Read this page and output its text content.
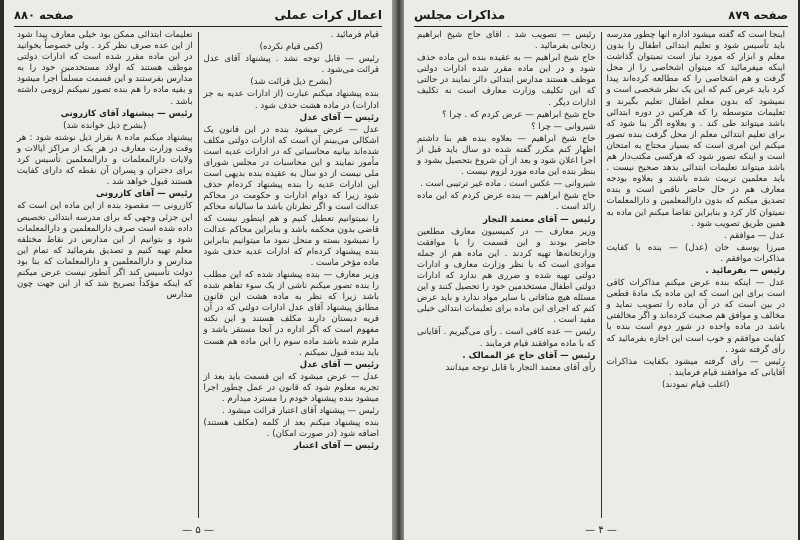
اعمال کرات عملی
صفحه ۸۸۰

قیام فرمائید .

(کمی قیام نکرده)

رئیس — قابل توجه نشد . پیشنهاد آقای عدل قرائت می‌شود .

(بشرح ذیل قرائت شد)

بنده پیشنهاد میکنم عبارت (از ادارات عدیه به جز ادارات) در ماده هشت حذف شود .

رئیس — آقای عدل

عدل — عرض میشود بنده در این قانون یک اشکالی می‌بینم آن است که ادارات دولتی مکلف شده‌اند بیانیه محاسباتی که در ادارات عدیه است مأمور نمایند و این محاسبات در مجلس شورای ملی نیست از دو سال به عقیده بنده بدیهی است این ادارات عدیه را بنده پیشنهاد کرده‌ام حذف شود زیرا که دوام ادارات و حکومت در محاکم عدالت است و اگر نظرتان باشد ما سالیانه محاکم را نمیتوانیم تعطیل کنیم و هم اینطور نیست که قاضی بدون محکمه باشد و بنابراین محاکم عدالت را نمیشود بسته و منحل نمود ما میتوانیم بنابراین بنده پیشنهاد کرده‌ام که ادارات عدیه حذف شود ماده مؤخر ماست .

وزیر معارف — بنده پیشنهاد شده که این مطلب را بنده تصور میکنم ناشی از یک سوء تفاهم شده باشد زیرا که نظر به ماده هشت این قانون مطابق پیشنهاد آقای عدل ادارات دولتی که در آن قریه دبستان دارند مکلف هستند و این نکته مفهوم است که اگر اداره در آنجا مستقر باشد و ملزم شده باشد ماده سوم را این ماده هم هست باید بنده قبول نمیکنم .

رئیس — آقای عدل

عدل — عرض میشود که این قسمت باید بعد از تجربه معلوم شود که قانون در عمل چطور اجرا میشود بنده پیشنهاد خودم را مسترد میدارم .

رئیس — پیشنهاد آقای اعتبار قرائت میشود .

بنده پیشنهاد میکنم بعد از کلمه (مکلف هستند) اضافه شود (در صورت امکان) .

رئیس — آقای اعتبار

تعلیمات ابتدائی ممکن بود خیلی معارف پیدا شود از این عده صرف نظر کرد . ولی خصوصاً بخوانید در این ماده مقرر شده است که ادارات دولتی موظف هستند که اولاد مستخدمین خود را به مدارس بفرستند و این قسمت مسلماً اجرا میشود و بقیه ماده را هم بنده تصور نمیکنم لزومی داشته باشد .

رئیس — پیشنهاد آقای کازرونی

(بشرح ذیل خوانده شد)

پیشنهاد میکنم ماده ۸ بقرار ذیل نوشته شود : هر وقت وزارت معارف در هر یک از مراکز ایالات و ولایات دارالمعلمات و دارالمعلمین تأسیس کرد برای دختران و پسران آن نقطه که دارای کفایت هستند قبول خواهد شد .

رئیس — آقای کازرونی

کازرونی — مقصود بنده از این ماده این است که این جزئی وجهی که برای مدرسه ابتدائی تخصیص داده شده است صرف دارالمعلمین و دارالمعلمات شود و بتوانیم از این مدارس در نقاط مختلفه معلم تهیه کنیم و تصدیق بفرمائید که تمام این مدارس و دارالمعلمین و دارالمعلمات که بنا بود دولت تأسیس کند اگر آنطور نیست عرض میکنم که اینکه مؤکداً تصریح شد که از این جهت چون مدارس

— ۵ —
صفحه ۸۷۹
مذاکرات مجلس

اینجا است که گفته میشود اداره آنها چطور مدرسه باید تأسیس شود و تعلیم ابتدائی اطفال را بدون معلم و ابزار که مورد نیاز است نمیتوان گذاشت اینکه میفرمائید که میتوان اشخاصی را از محل گرفت و هم اشخاصی را که مطالعه کرده‌اند پیدا کرد باید عرض کنم که این یک نظر شخصی است و نمیشود که بدون معلم اطفال تعلیم بگیرند و تعلیمات متوسطه را که هرکس در دوره ابتدائی باشد میتواند طی کند . و بعلاوه اگر بنا شود که برای تعلیم ابتدائی معلم از محل گرفت بنده تصور میکنم این امری است که بسیار محتاج به امتحان است و اینکه تصور شود که هرکسی مکتب‌دار هم باشد میتواند تعلیمات ابتدائی بدهد صحیح نیست . باید معلمین تربیت شده باشند و بعلاوه بودجه معارف هم در حال حاضر ناقص است و بنده تصدیق میکنم که بدون دارالمعلمین و دارالمعلمات نمیتوان کار کرد و بنابراین تقاضا میکنم این ماده به همین طریق تصویب شود .

عدل — موافقم .

میرزا یوسف خان (عدل) — بنده با کفایت مذاکرات موافقم .

رئیس — بفرمائید .

عدل — اینکه بنده عرض میکنم مذاکرات کافی است برای این است که این ماده یک مادهٔ قطعی در بین است که در آن ماده را تصویب نماید و مخالف و موافق هم صحبت کرده‌اند و اگر مخالفتی باشد در ماده واحده در شور دوم است بنده با کفایت موافقم و خوب است این اجازه بفرمائید که رأی گرفته شود .

رئیس — رأی گرفته میشود بکفایت مذاکرات آقایانی که موافقند قیام فرمایند .

(اغلب قیام نمودند)

رئیس — تصویب شد . آقای حاج شیخ ابراهیم زنجانی بفرمائید .

حاج شیخ ابراهیم — به عقیده بنده این ماده حذف شود و در این ماده مقرر شده ادارات دولتی موظف هستند مدارس ابتدائی دائر نمایند در حالتی که این تکلیف وزارت معارف است نه تکلیف ادارات دیگر .

حاج شیخ ابراهیم — عرض کردم که . چرا ؟

شیروانی — چرا ؟

حاج شیخ ابراهیم — بعلاوه بنده هم بنا داشتم اظهار کنم مکرر گفته شده دو سال باید قبل از اجرا اعلان شود و بعد از آن شروع بتحصیل بشود و بنظر بنده این ماده مورد لزوم نیست .

شیروانی — عکس است . ماده غیر ترتیبی است .

حاج شیخ ابراهیم — بنده عرض کردم که این ماده زائد است .

رئیس — آقای معتمد التجار

وزیر معارف — در کمیسیون معارف مطلعین حاضر بودند و این قسمت را با موافقت وزارتخانه‌ها تهیه کردند . این ماده هم از جمله موادی است که با نظر وزارت معارف و ادارات دولتی تهیه شده و ضرری هم ندارد که ادارات دولتی اطفال مستخدمین خود را تحصیل کنند و این مسئله هیچ منافاتی با سایر مواد ندارد و باید عرض کنم که اجرای این ماده برای تعلیمات ابتدائی خیلی مفید است .

رئیس — عده کافی است . رأی می‌گیریم . آقایانی که با ماده موافقند قیام فرمایند .

رئیس — آقای حاج عز الممالک .

رأی آقای معتمد التجار با قابل توجه میدانند

— ۴ —
